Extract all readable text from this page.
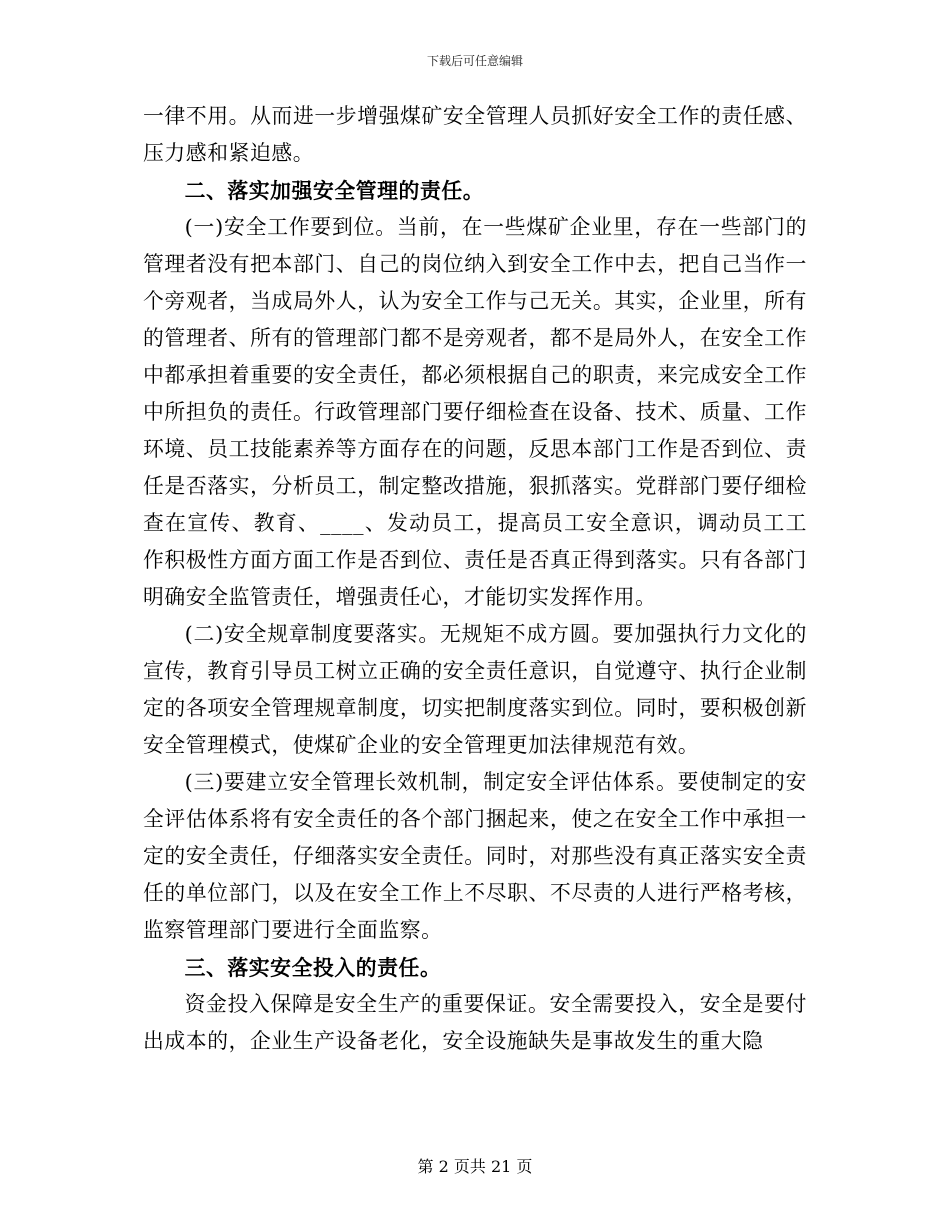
下载后可任意编辑

一律不用。从而进一步增强煤矿安全管理人员抓好安全工作的责任感、压力感和紧迫感。

二、落实加强安全管理的责任。

(一)安全工作要到位。当前，在一些煤矿企业里，存在一些部门的管理者没有把本部门、自己的岗位纳入到安全工作中去，把自己当作一个旁观者，当成局外人，认为安全工作与己无关。其实，企业里，所有的管理者、所有的管理部门都不是旁观者，都不是局外人，在安全工作中都承担着重要的安全责任，都必须根据自己的职责，来完成安全工作中所担负的责任。行政管理部门要仔细检查在设备、技术、质量、工作环境、员工技能素养等方面存在的问题，反思本部门工作是否到位、责任是否落实，分析员工，制定整改措施，狠抓落实。党群部门要仔细检查在宣传、教育、____、发动员工，提高员工安全意识，调动员工工作积极性方面方面工作是否到位、责任是否真正得到落实。只有各部门明确安全监管责任，增强责任心，才能切实发挥作用。

(二)安全规章制度要落实。无规矩不成方圆。要加强执行力文化的宣传，教育引导员工树立正确的安全责任意识，自觉遵守、执行企业制定的各项安全管理规章制度，切实把制度落实到位。同时，要积极创新安全管理模式，使煤矿企业的安全管理更加法律规范有效。

(三)要建立安全管理长效机制，制定安全评估体系。要使制定的安全评估体系将有安全责任的各个部门捆起来，使之在安全工作中承担一定的安全责任，仔细落实安全责任。同时，对那些没有真正落实安全责任的单位部门，以及在安全工作上不尽职、不尽责的人进行严格考核，监察管理部门要进行全面监察。

三、落实安全投入的责任。

资金投入保障是安全生产的重要保证。安全需要投入，安全是要付出成本的，企业生产设备老化，安全设施缺失是事故发生的重大隐

第 2 页共 21 页
